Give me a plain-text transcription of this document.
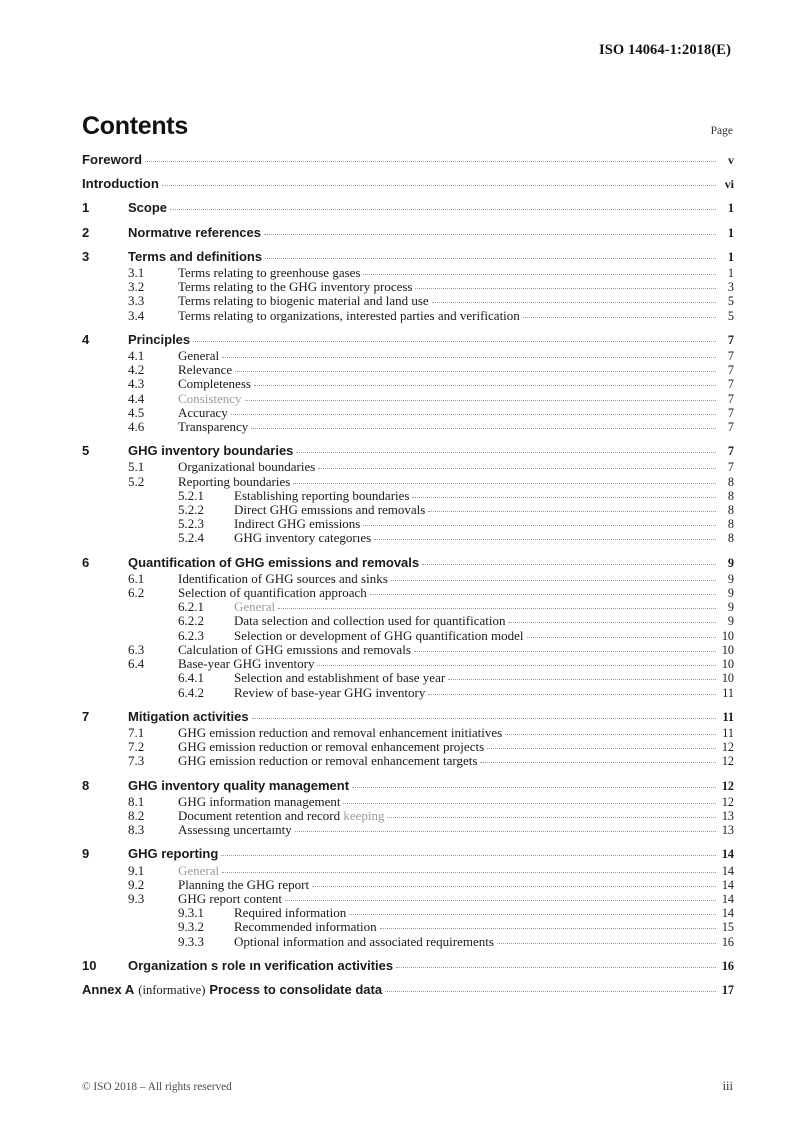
ISO 14064-1:2018(E)
Contents	Page
Foreword	v
Introduction	vi
1	Scope	1
2	Normatıve references	1
3	Terms and definitions	1
3.1	Terms relating to greenhouse gases	1
3.2	Terms relating to the GHG inventory process	3
3.3	Terms relating to biogenic material and land use	5
3.4	Terms relating to organizations, interested parties and verification	5
4	Principles	7
4.1	General	7
4.2	Relevance	7
4.3	Completeness	7
4.4	Consistency	7
4.5	Accuracy	7
4.6	Transparency	7
5	GHG inventory boundaries	7
5.1	Organizational boundaries	7
5.2	Reporting boundaries	8
5.2.1	Establishing reporting boundaries	8
5.2.2	Direct GHG emıssions and removals	8
5.2.3	Indirect GHG emissions	8
5.2.4	GHG inventory categorıes	8
6	Quantification of GHG emissions and removals	9
6.1	Identification of GHG sources and sinks	9
6.2	Selection of quantification approach	9
6.2.1	General	9
6.2.2	Data selection and collection used for quantification	9
6.2.3	Selection or development of GHG quantification model	10
6.3	Calculation of GHG emıssions and removals	10
6.4	Base-year GHG inventory	10
6.4.1	Selection and establishment of base year	10
6.4.2	Review of base-year GHG inventory	11
7	Mitigation activities	11
7.1	GHG emission reduction and removal enhancement initiatives	11
7.2	GHG emission reduction or removal enhancement projects	12
7.3	GHG emission reduction or removal enhancement targets	12
8	GHG inventory quality management	12
8.1	GHG information management	12
8.2	Document retention and record keeping	13
8.3	Assessıng uncertaınty	13
9	GHG reporting	14
9.1	General	14
9.2	Planning the GHG report	14
9.3	GHG report content	14
9.3.1	Required information	14
9.3.2	Recommended information	15
9.3.3	Optional information and associated requirements	16
10	Organization s role ın verification activities	16
Annex A (informative) Process to consolidate data	17
© ISO 2018 – All rights reserved	iii
